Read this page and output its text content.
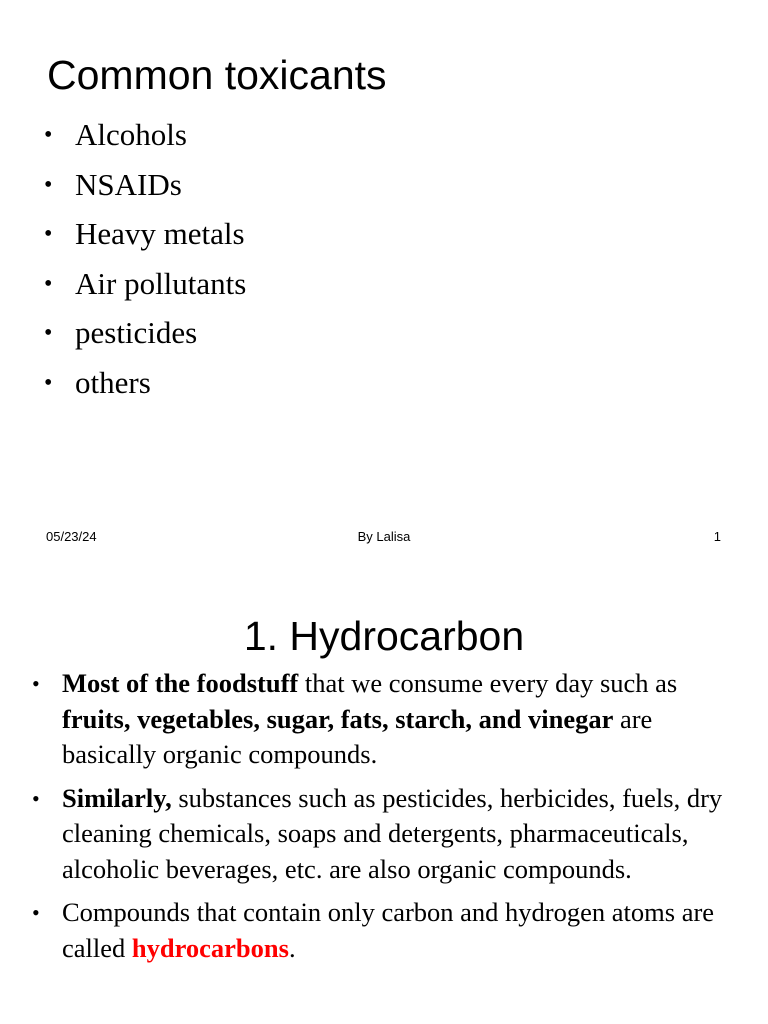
Common toxicants
• Alcohols
• NSAIDs
• Heavy metals
• Air pollutants
• pesticides
• others
05/23/24	By Lalisa	1
1. Hydrocarbon
• Most of the foodstuff that we consume every day such as fruits, vegetables, sugar, fats, starch, and vinegar are basically organic compounds.
• Similarly, substances such as pesticides, herbicides, fuels, dry cleaning chemicals, soaps and detergents, pharmaceuticals, alcoholic beverages, etc. are also organic compounds.
• Compounds that contain only carbon and hydrogen atoms are called hydrocarbons.
